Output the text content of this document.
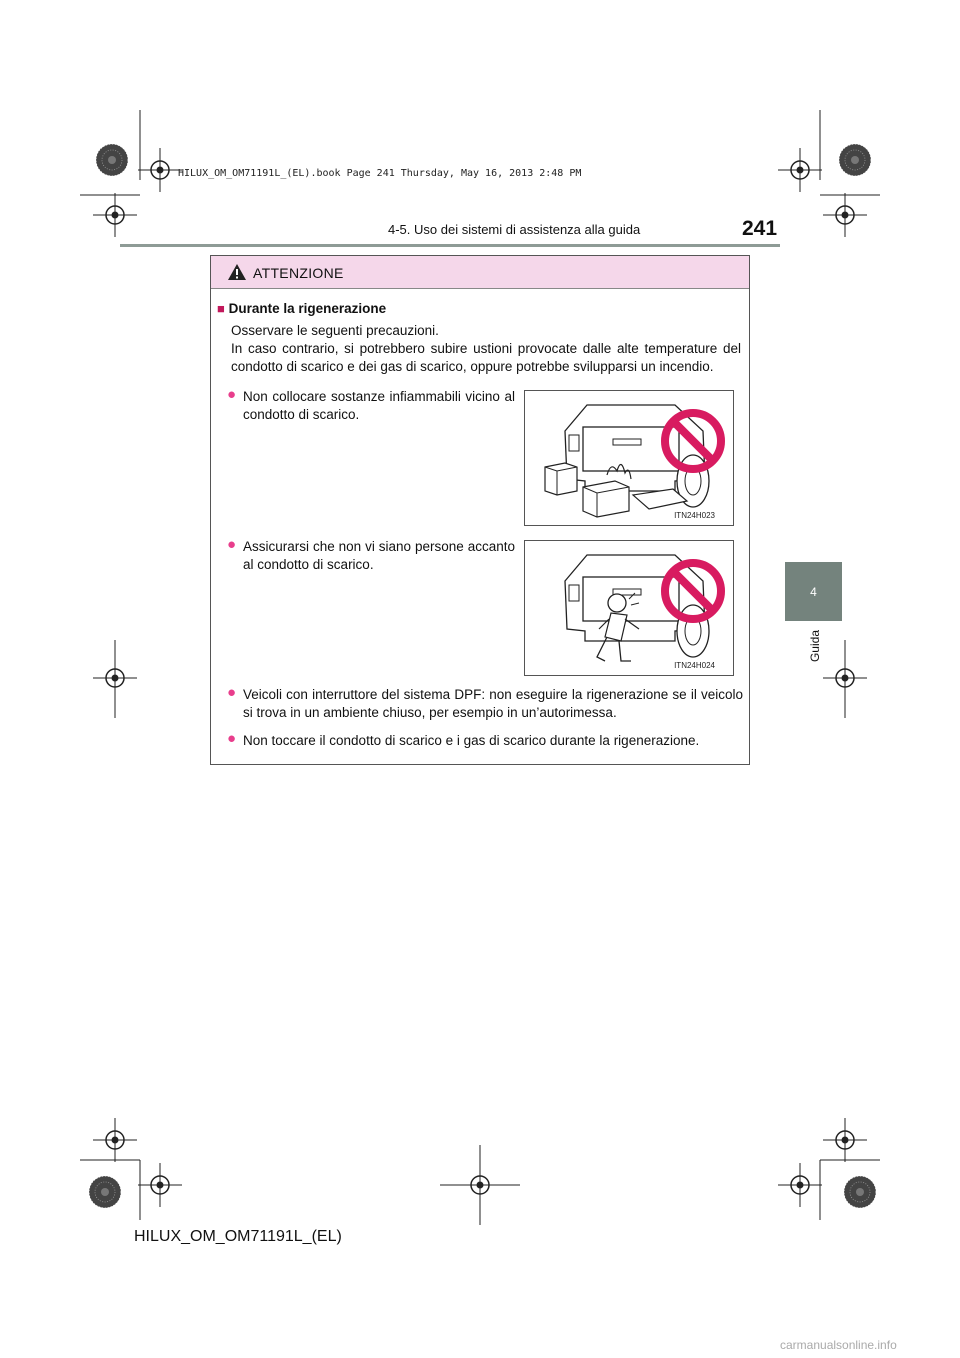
HILUX_OM_OM71191L_(EL).book Page 241 Thursday, May 16, 2013 2:48 PM
4-5. Uso dei sistemi di assistenza alla guida	241
4
Guida
ATTENZIONE
■ Durante la rigenerazione
Osservare le seguenti precauzioni.
In caso contrario, si potrebbero subire ustioni provocate dalle alte temperature del condotto di scarico e dei gas di scarico, oppure potrebbe svilupparsi un incendio.
● Non collocare sostanze infiammabili vicino al condotto di scarico.
ITN24H023
● Assicurarsi che non vi siano persone accanto al condotto di scarico.
ITN24H024
● Veicoli con interruttore del sistema DPF: non eseguire la rigenerazione se il veicolo si trova in un ambiente chiuso, per esempio in un’autorimessa.
● Non toccare il condotto di scarico e i gas di scarico durante la rigenerazione.
HILUX_OM_OM71191L_(EL)
carmanualsonline.info
